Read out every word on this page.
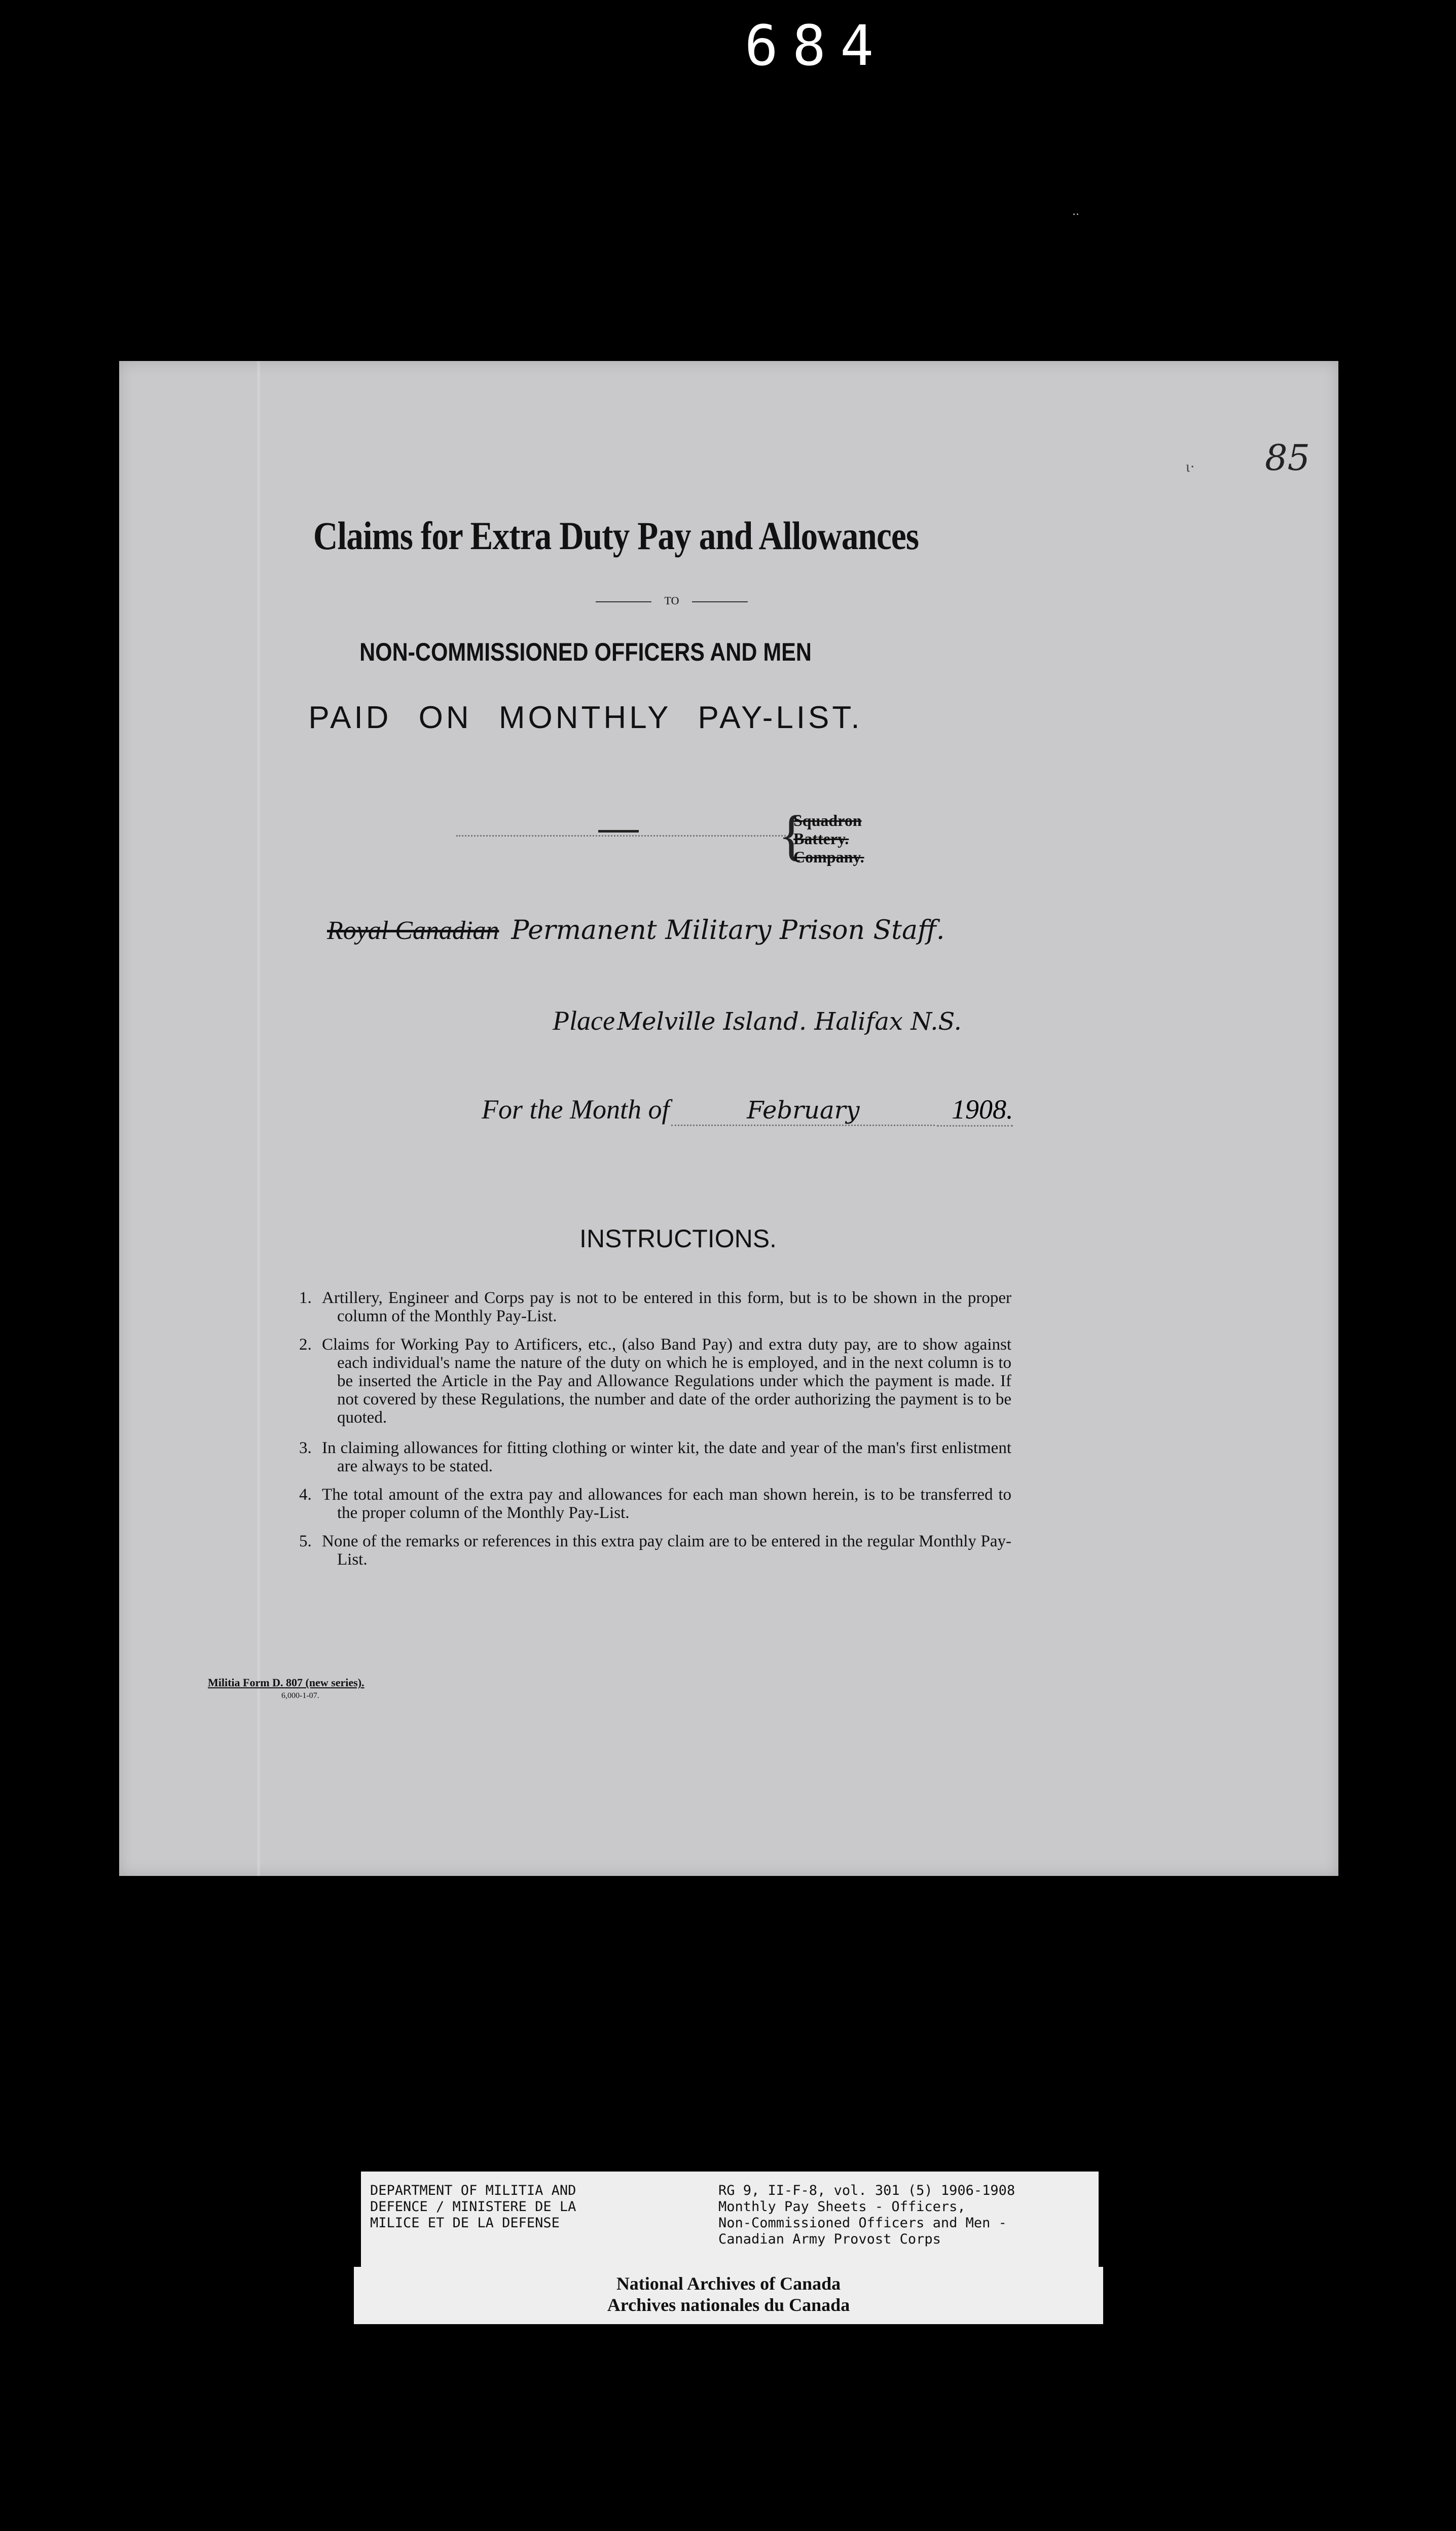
684
..
ι· 85
Claims for Extra Duty Pay and Allowances
TO
NON-COMMISSIONED OFFICERS AND MEN
PAID ON MONTHLY PAY-LIST.
{
Squadron
Battery.
Company.
Royal Canadian Permanent Military Prison Staff.
Place Melville Island. Halifax N.S.
For the Month of	February	1908.
INSTRUCTIONS.
1. Artillery, Engineer and Corps pay is not to be entered in this form, but is to be shown in the proper column of the Monthly Pay-List.
2. Claims for Working Pay to Artificers, etc., (also Band Pay) and extra duty pay, are to show against each individual's name the nature of the duty on which he is employed, and in the next column is to be inserted the Article in the Pay and Allowance Regulations under which the payment is made. If not covered by these Regulations, the number and date of the order authorizing the payment is to be quoted.
3. In claiming allowances for fitting clothing or winter kit, the date and year of the man's first enlistment are always to be stated.
4. The total amount of the extra pay and allowances for each man shown herein, is to be transferred to the proper column of the Monthly Pay-List.
5. None of the remarks or references in this extra pay claim are to be entered in the regular Monthly Pay-List.
Militia Form D. 807 (new series).
6,000-1-07.
DEPARTMENT OF MILITIA AND
DEFENCE / MINISTERE DE LA
MILICE ET DE LA DEFENSE
RG 9, II-F-8, vol. 301 (5) 1906-1908
Monthly Pay Sheets - Officers,
Non-Commissioned Officers and Men -
Canadian Army Provost Corps
National Archives of Canada
Archives nationales du Canada
